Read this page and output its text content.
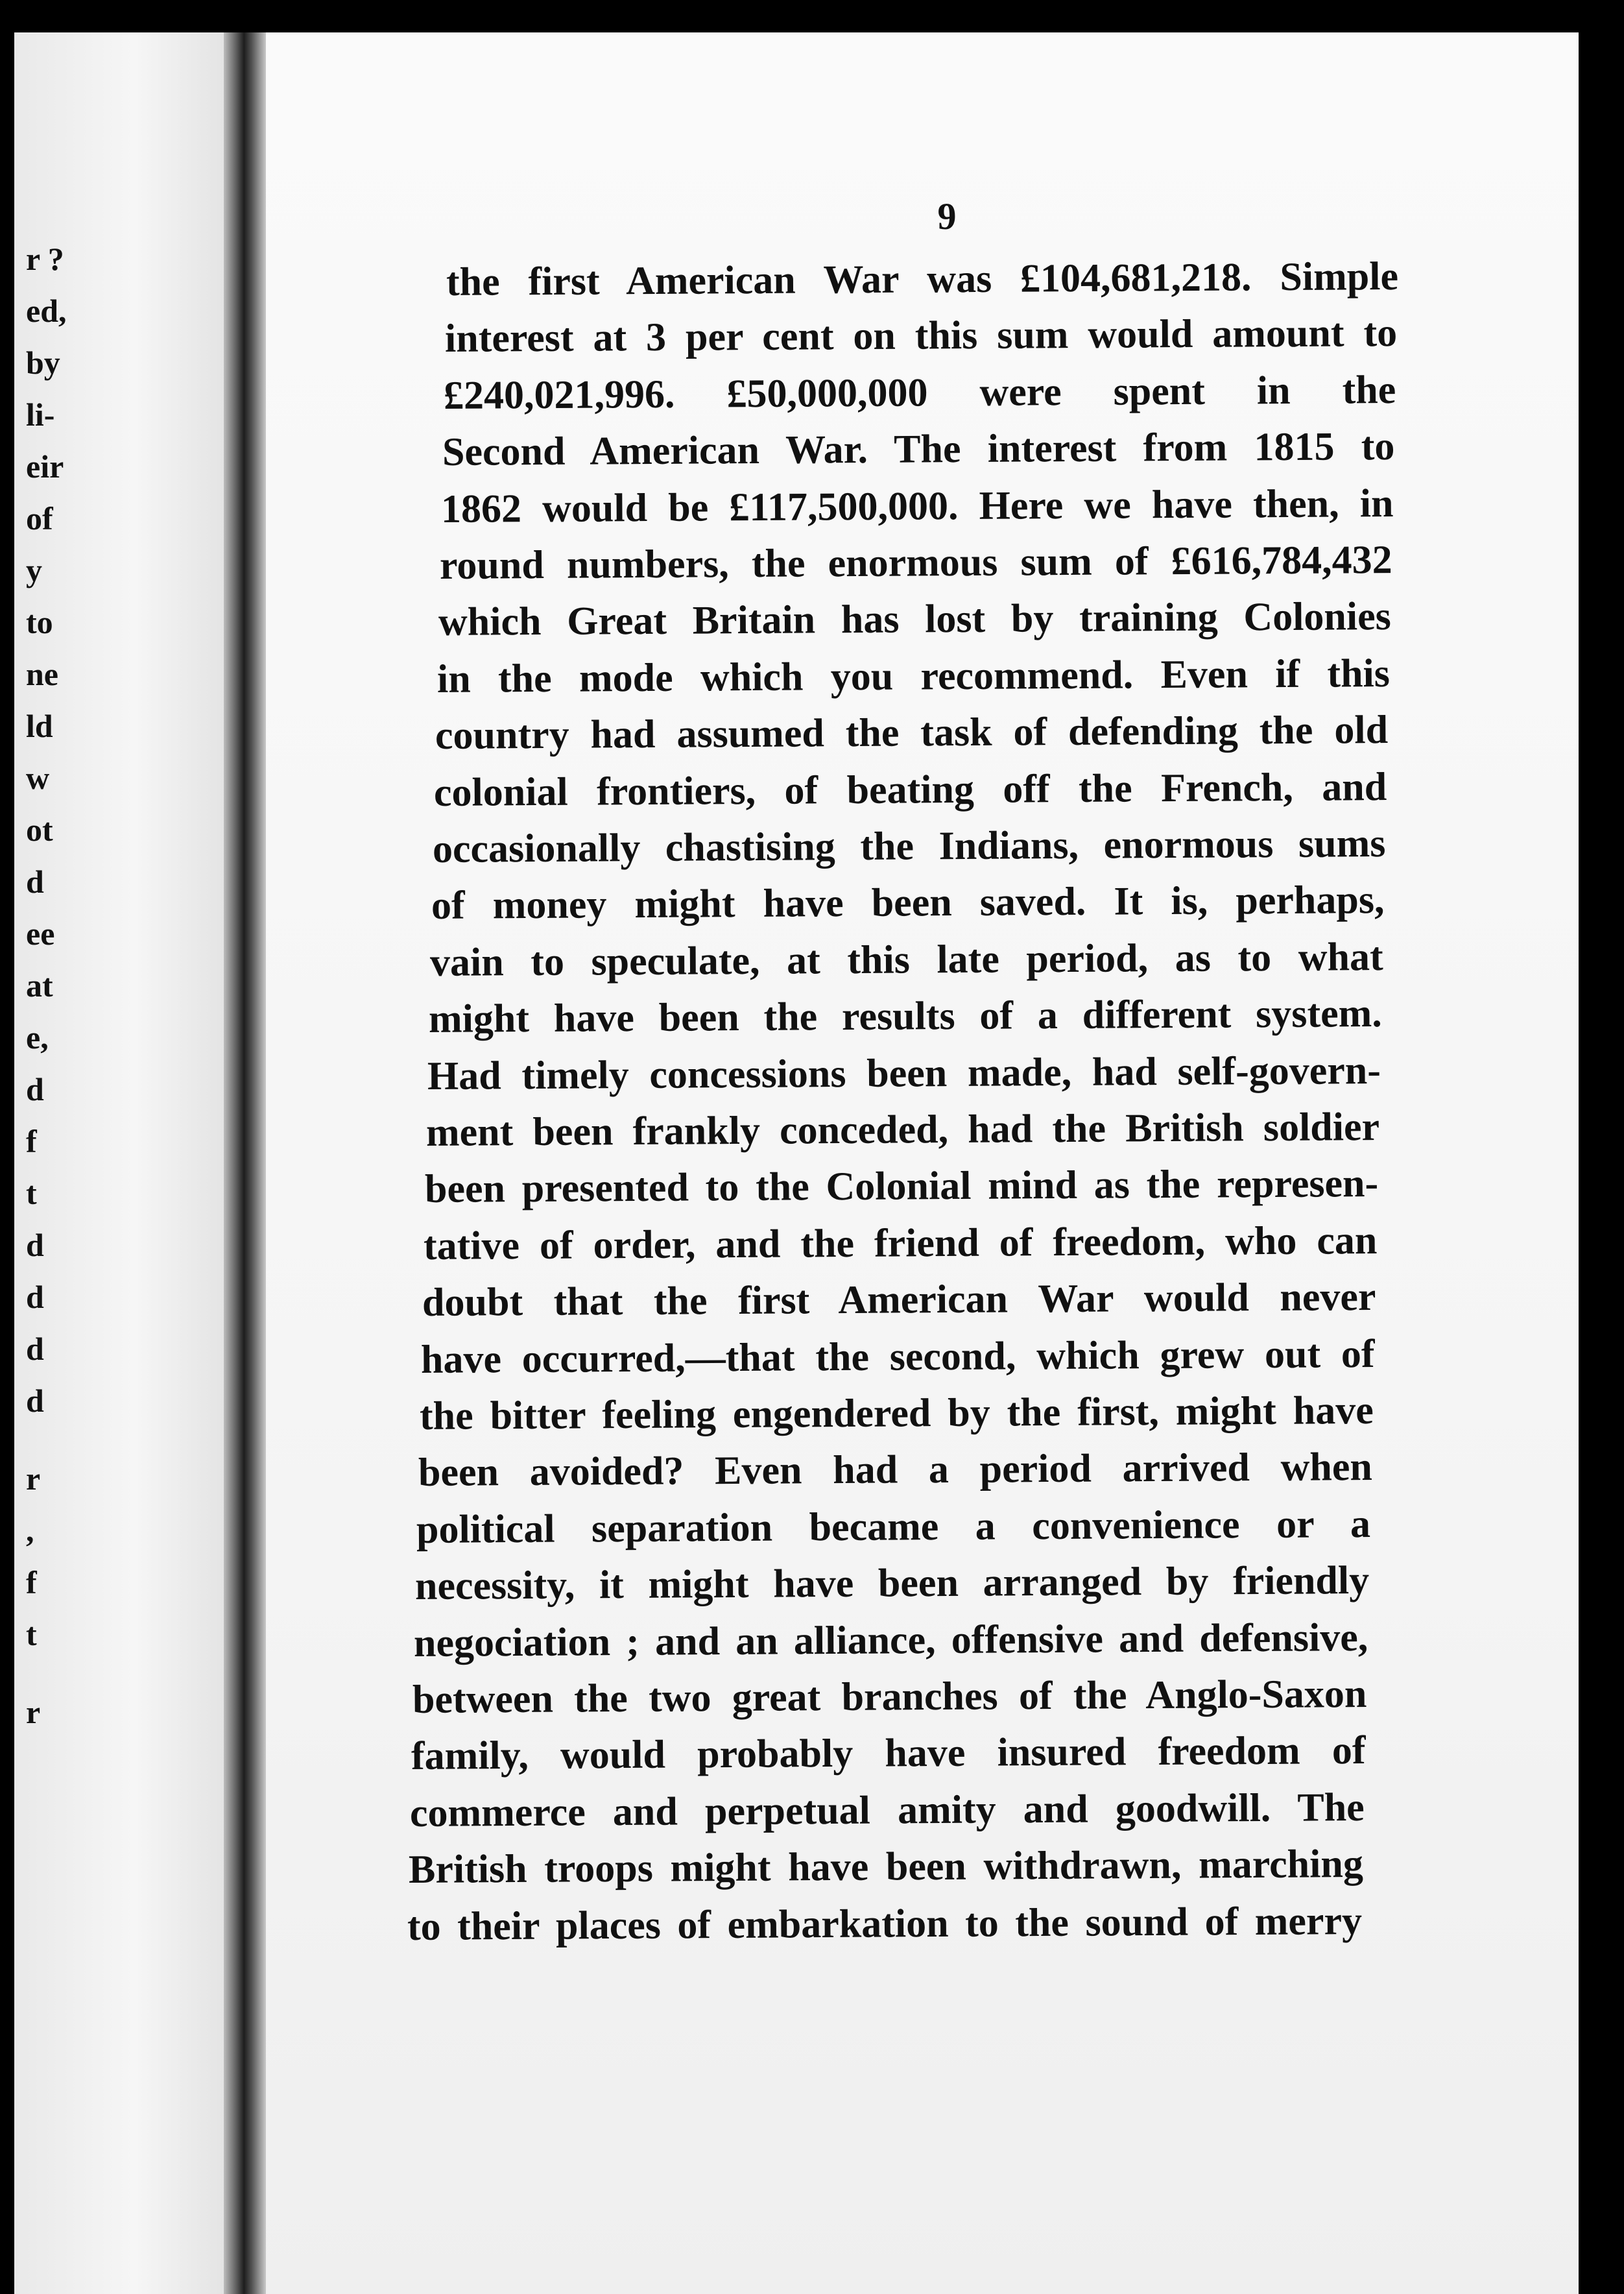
r ?
ed,
by
li-
eir
of
y
to
ne
ld
w
ot
d
ee
at
e,
d
f
t
d
d
d
d
r
,
f
t
r
9
the first American War was £104,681,218. Simple
interest at 3 per cent on this sum would amount to
£240,021,996. £50,000,000 were spent in the
Second American War. The interest from 1815 to
1862 would be £117,500,000. Here we have then, in
round numbers, the enormous sum of £616,784,432
which Great Britain has lost by training Colonies
in the mode which you recommend. Even if this
country had assumed the task of defending the old
colonial frontiers, of beating off the French, and
occasionally chastising the Indians, enormous sums
of money might have been saved. It is, perhaps,
vain to speculate, at this late period, as to what
might have been the results of a different system.
Had timely concessions been made, had self-govern-
ment been frankly conceded, had the British soldier
been presented to the Colonial mind as the represen-
tative of order, and the friend of freedom, who can
doubt that the first American War would never
have occurred,—that the second, which grew out of
the bitter feeling engendered by the first, might have
been avoided? Even had a period arrived when
political separation became a convenience or a
necessity, it might have been arranged by friendly
negociation ; and an alliance, offensive and defensive,
between the two great branches of the Anglo-Saxon
family, would probably have insured freedom of
commerce and perpetual amity and goodwill. The
British troops might have been withdrawn, marching
to their places of embarkation to the sound of merry
